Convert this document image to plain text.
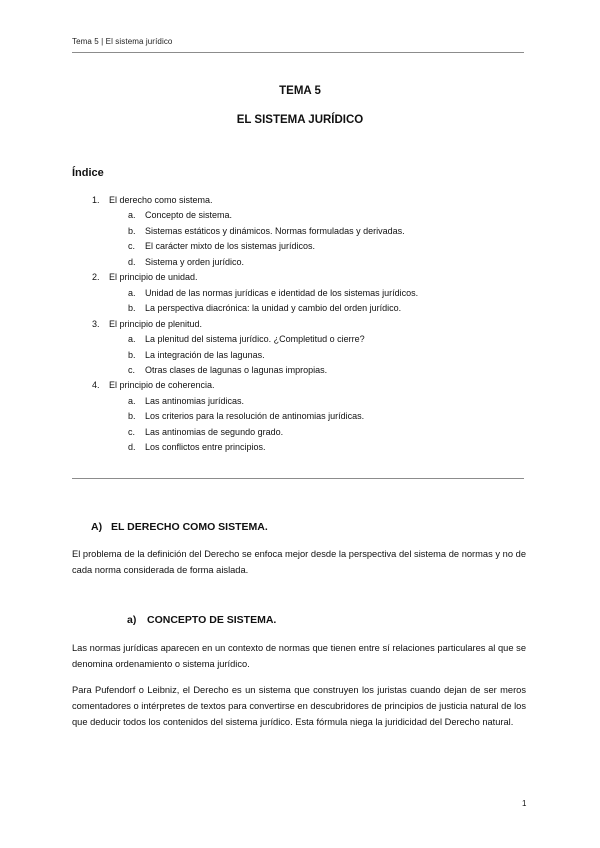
Tema 5 | El sistema jurídico
TEMA 5
EL SISTEMA JURÍDICO
Índice
1. El derecho como sistema.
a. Concepto de sistema.
b. Sistemas estáticos y dinámicos. Normas formuladas y derivadas.
c. El carácter mixto de los sistemas jurídicos.
d. Sistema y orden jurídico.
2. El principio de unidad.
a. Unidad de las normas jurídicas e identidad de los sistemas jurídicos.
b. La perspectiva diacrónica: la unidad y cambio del orden jurídico.
3. El principio de plenitud.
a. La plenitud del sistema jurídico. ¿Completitud o cierre?
b. La integración de las lagunas.
c. Otras clases de lagunas o lagunas impropias.
4. El principio de coherencia.
a. Las antinomias jurídicas.
b. Los criterios para la resolución de antinomias jurídicas.
c. Las antinomias de segundo grado.
d. Los conflictos entre principios.
A) EL DERECHO COMO SISTEMA.

El problema de la definición del Derecho se enfoca mejor desde la perspectiva del sistema de normas y no de cada norma considerada de forma aislada.

a) CONCEPTO DE SISTEMA.

Las normas jurídicas aparecen en un contexto de normas que tienen entre sí relaciones particulares al que se denomina ordenamiento o sistema jurídico.

Para Pufendorf o Leibniz, el Derecho es un sistema que construyen los juristas cuando dejan de ser meros comentadores o intérpretes de textos para convertirse en descubridores de principios de justicia natural de los que deducir todos los contenidos del sistema jurídico. Esta fórmula niega la juridicidad del Derecho natural.

1
